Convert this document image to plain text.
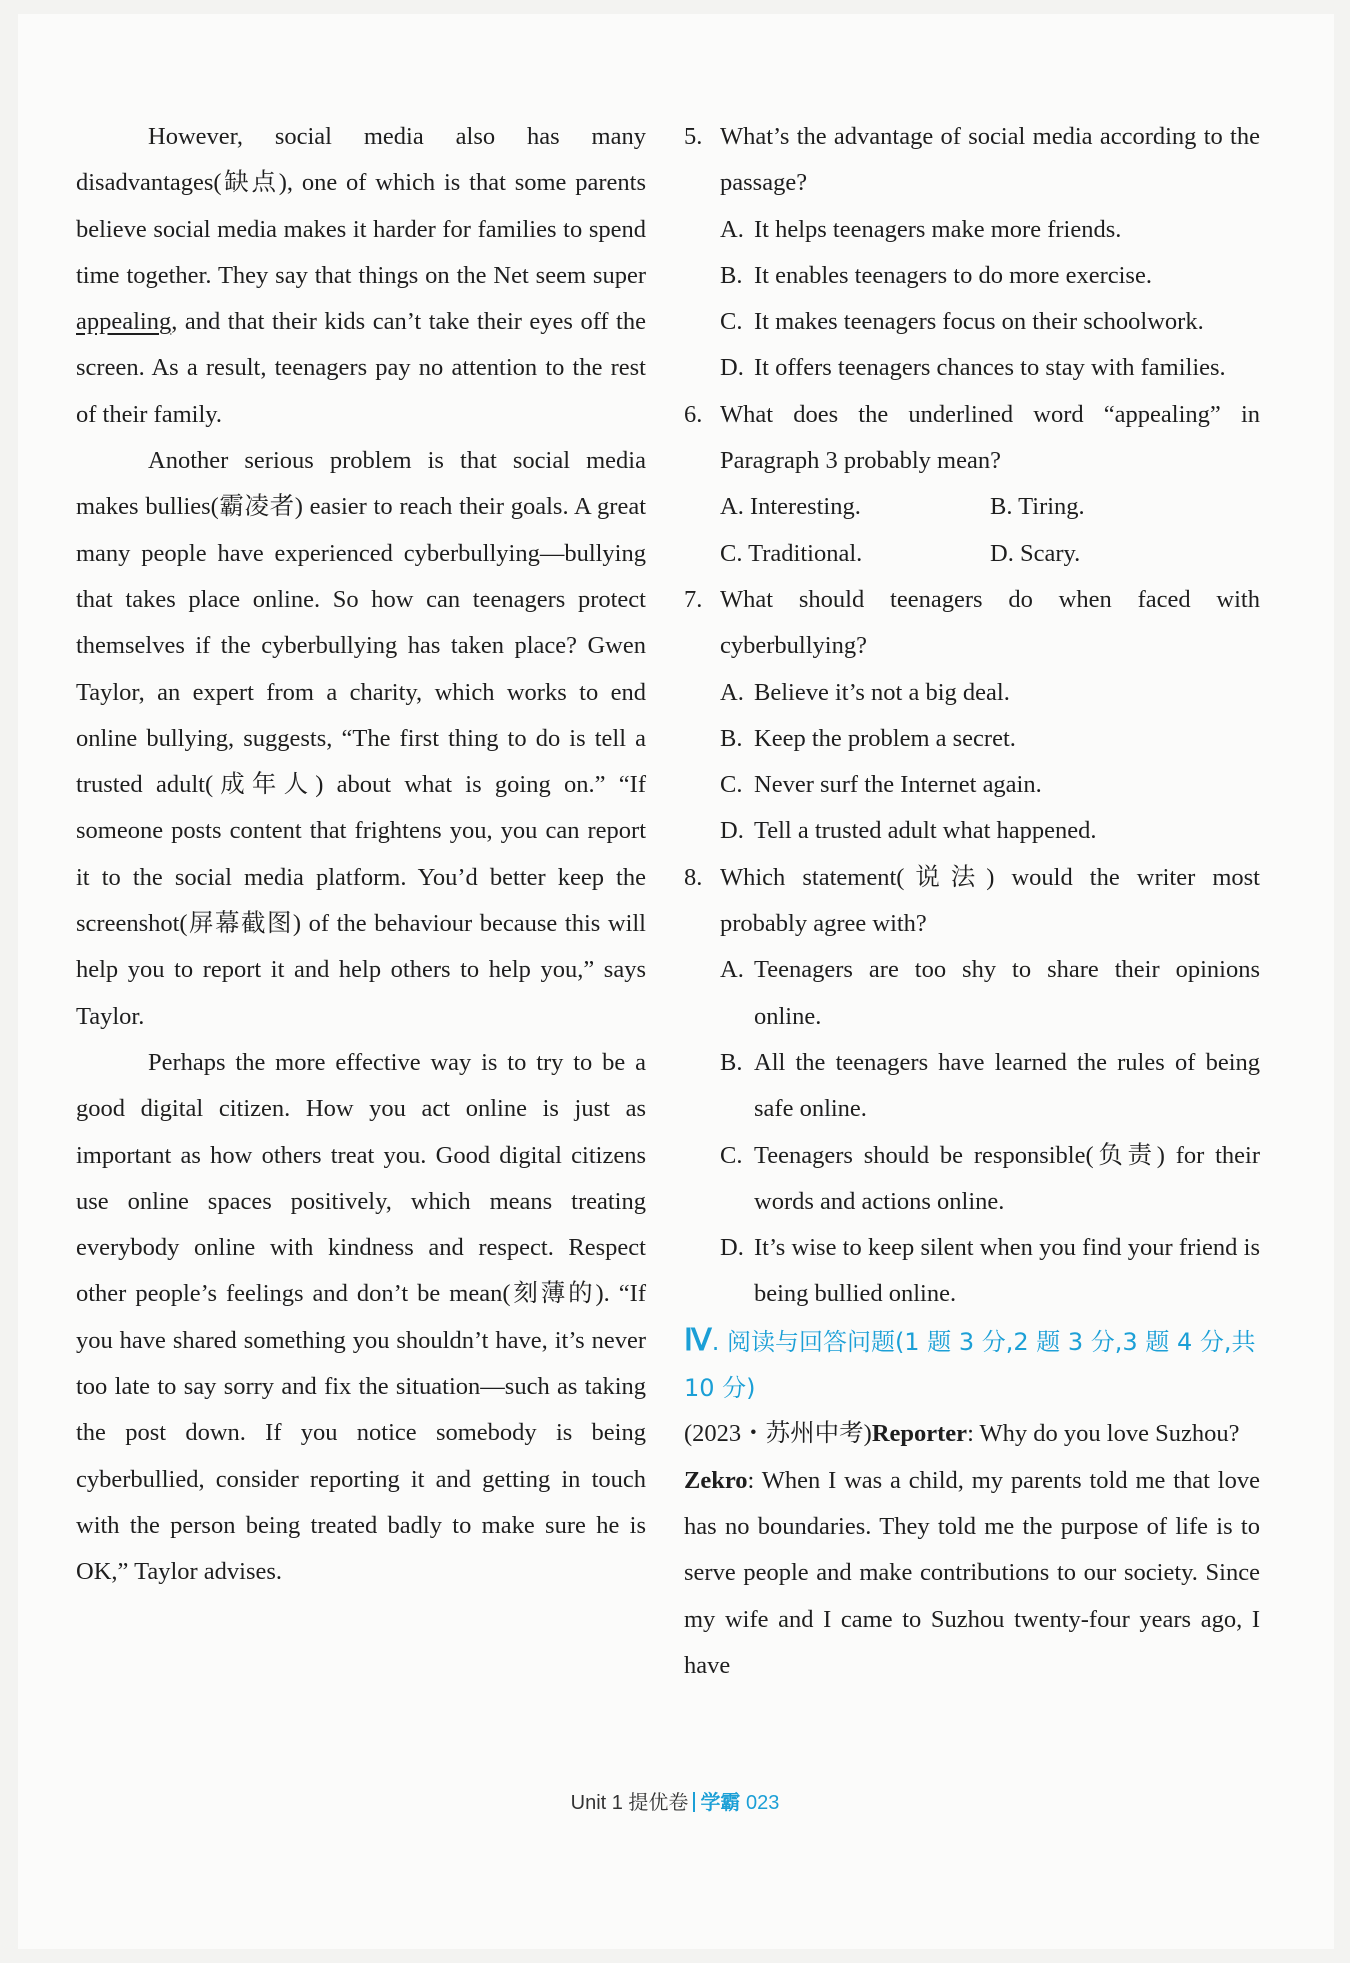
However, social media also has many disadvantages(缺点), one of which is that some parents believe social media makes it harder for families to spend time together. They say that things on the Net seem super appealing, and that their kids can’t take their eyes off the screen. As a result, teenagers pay no attention to the rest of their family.

Another serious problem is that social media makes bullies(霸凌者) easier to reach their goals. A great many people have experienced cyberbullying—bullying that takes place online. So how can teenagers protect themselves if the cyberbullying has taken place? Gwen Taylor, an expert from a charity, which works to end online bullying, suggests, “The first thing to do is tell a trusted adult(成年人) about what is going on.” “If someone posts content that frightens you, you can report it to the social media platform. You’d better keep the screenshot(屏幕截图) of the behaviour because this will help you to report it and help others to help you,” says Taylor.

Perhaps the more effective way is to try to be a good digital citizen. How you act online is just as important as how others treat you. Good digital citizens use online spaces positively, which means treating everybody online with kindness and respect. Respect other people’s feelings and don’t be mean(刻薄的). “If you have shared something you shouldn’t have, it’s never too late to say sorry and fix the situation—such as taking the post down. If you notice somebody is being cyberbullied, consider reporting it and getting in touch with the person being treated badly to make sure he is OK,” Taylor advises.

5. What’s the advantage of social media according to the passage?
A. It helps teenagers make more friends.
B. It enables teenagers to do more exercise.
C. It makes teenagers focus on their schoolwork.
D. It offers teenagers chances to stay with families.
6. What does the underlined word “appealing” in Paragraph 3 probably mean?
A. Interesting.	B. Tiring.
C. Traditional.	D. Scary.
7. What should teenagers do when faced with cyberbullying?
A. Believe it’s not a big deal.
B. Keep the problem a secret.
C. Never surf the Internet again.
D. Tell a trusted adult what happened.
8. Which statement(说法) would the writer most probably agree with?
A. Teenagers are too shy to share their opinions online.
B. All the teenagers have learned the rules of being safe online.
C. Teenagers should be responsible(负责) for their words and actions online.
D. It’s wise to keep silent when you find your friend is being bullied online.
Ⅳ. 阅读与回答问题(1 题 3 分,2 题 3 分,3 题 4 分,共 10 分)

(2023・苏州中考)Reporter: Why do you love Suzhou?

Zekro: When I was a child, my parents told me that love has no boundaries. They told me the purpose of life is to serve people and make contributions to our society. Since my wife and I came to Suzhou twenty-four years ago, I have

Unit 1 提优卷 学霸 023
